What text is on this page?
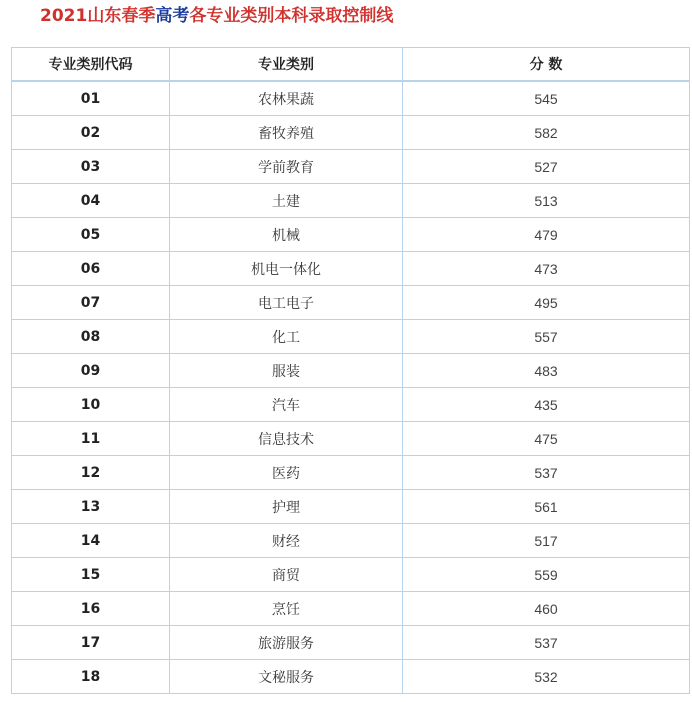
2021山东春季高考各专业类别本科录取控制线
专业类别代码	专业类别	分 数
01	农林果蔬	545
02	畜牧养殖	582
03	学前教育	527
04	土建	513
05	机械	479
06	机电一体化	473
07	电工电子	495
08	化工	557
09	服装	483
10	汽车	435
11	信息技术	475
12	医药	537
13	护理	561
14	财经	517
15	商贸	559
16	烹饪	460
17	旅游服务	537
18	文秘服务	532
